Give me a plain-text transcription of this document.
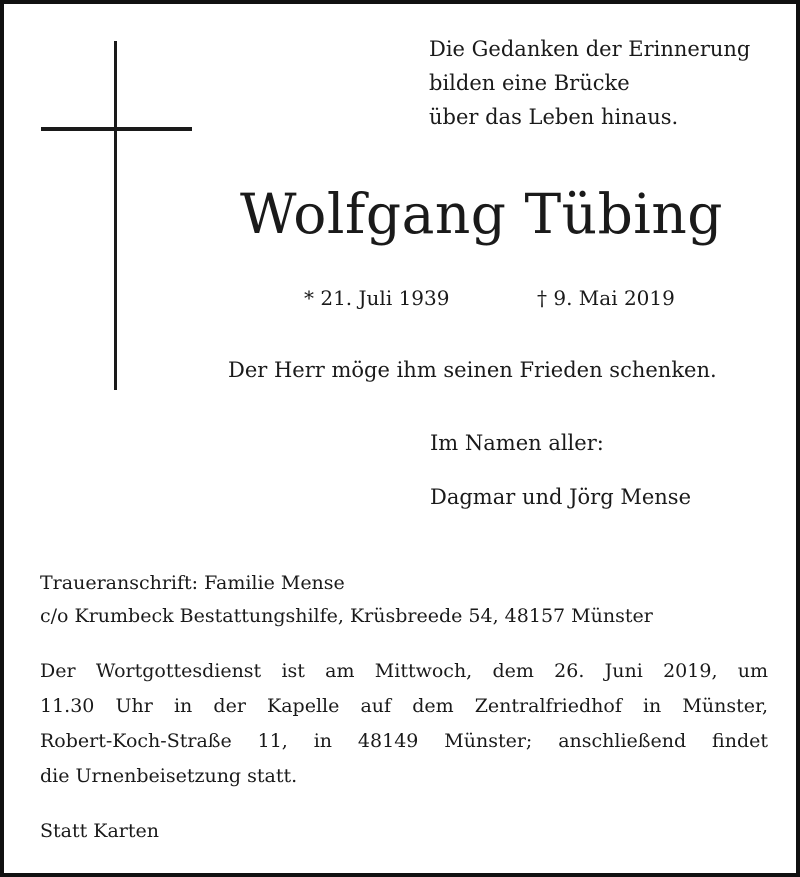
Die Gedanken der Erinnerung
bilden eine Brücke
über das Leben hinaus.
Wolfgang Tübing
* 21. Juli 1939	† 9. Mai 2019
Der Herr möge ihm seinen Frieden schenken.
Im Namen aller:
Dagmar und Jörg Mense
Traueranschrift: Familie Mense
c/o Krumbeck Bestattungshilfe, Krüsbreede 54, 48157 Münster
Der Wortgottesdienst ist am Mittwoch, dem 26. Juni 2019, um
11.30 Uhr in der Kapelle auf dem Zentralfriedhof in Münster,
Robert-Koch-Straße 11, in 48149 Münster; anschließend findet
die Urnenbeisetzung statt.
Statt Karten
